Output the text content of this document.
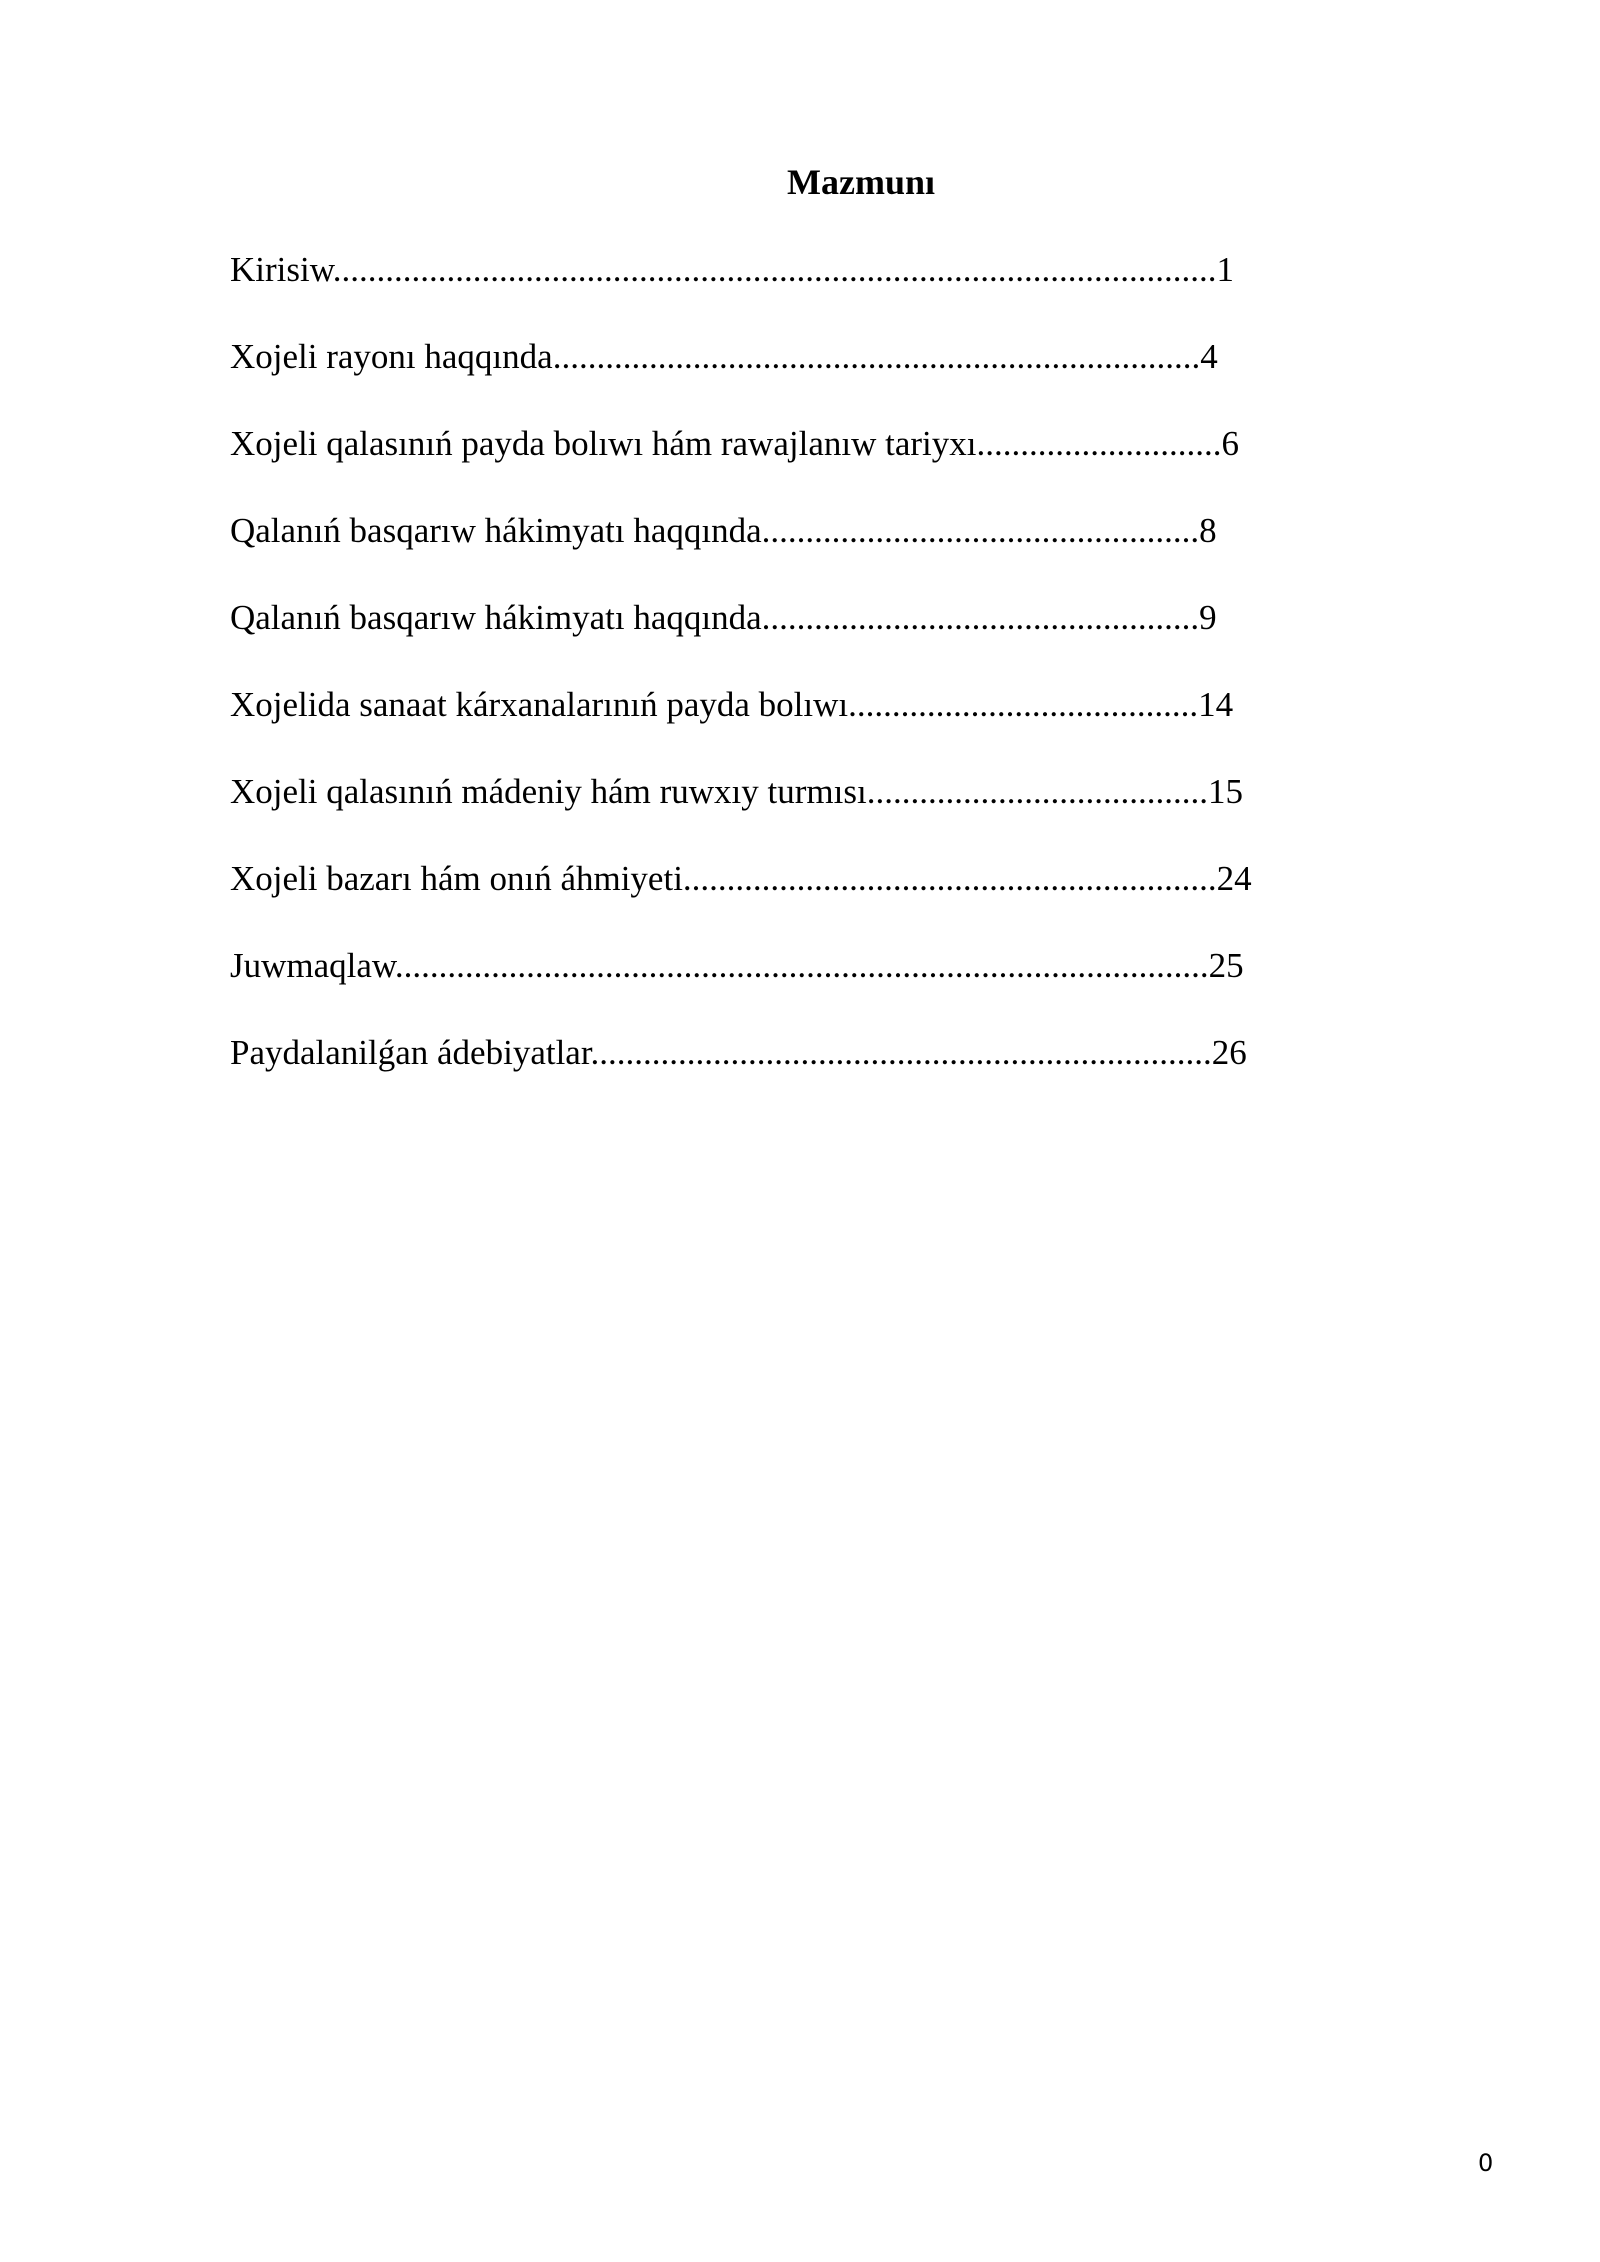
Mazmunı
Kirisiw.....................................................................................................1
Xojeli rayonı haqqında..........................................................................4
Xojeli qalasınıń payda bolıwı hám rawajlanıw tariyxı............................6
Qalanıń basqarıw hákimyatı haqqında..................................................8
Qalanıń basqarıw hákimyatı haqqında..................................................9
Xojelida sanaat kárxanalarınıń payda bolıwı........................................14
Xojeli qalasınıń mádeniy hám ruwxıy turmısı.......................................15
Xojeli bazarı hám onıń áhmiyeti.............................................................24
Juwmaqlaw.............................................................................................25
Paydalanilǵan ádebiyatlar.......................................................................26
0
